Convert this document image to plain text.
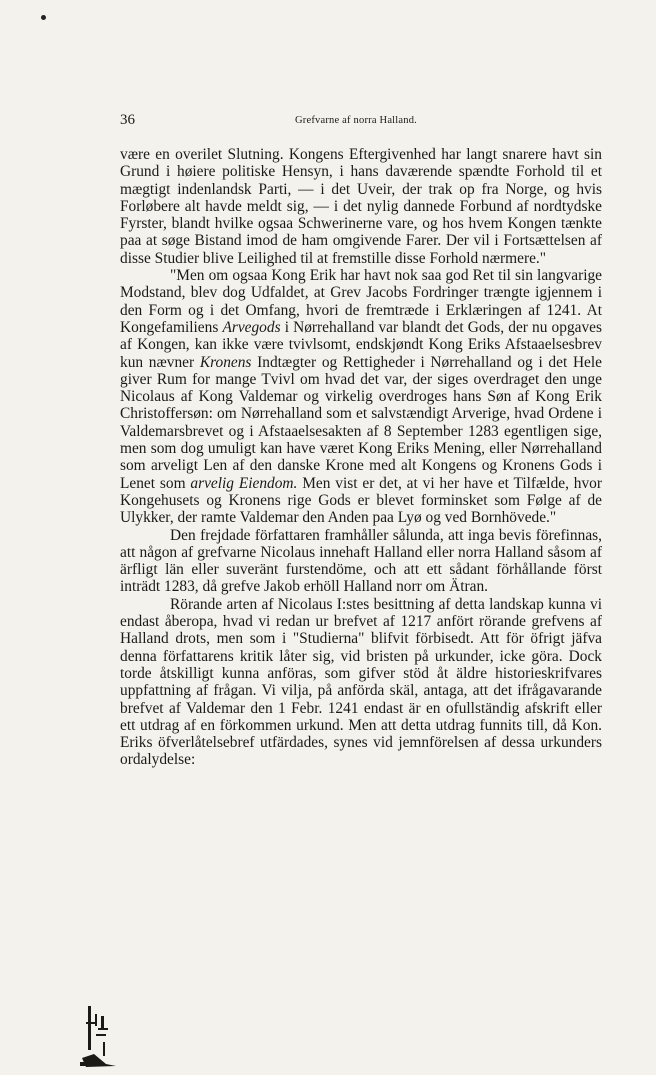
36	Grefvarne af norra Halland.

være en overilet Slutning. Kongens Eftergivenhed har langt snarere havt sin Grund i høiere politiske Hensyn, i hans daværende spændte Forhold til et mægtigt indenlandsk Parti, — i det Uveir, der trak op fra Norge, og hvis Forløbere alt havde meldt sig, — i det nylig dannede Forbund af nordtydske Fyrster, blandt hvilke ogsaa Schwerinerne vare, og hos hvem Kongen tænkte paa at søge Bistand imod de ham omgivende Farer. Der vil i Fortsættelsen af disse Studier blive Leilighed til at fremstille disse Forhold nærmere."

"Men om ogsaa Kong Erik har havt nok saa god Ret til sin langvarige Modstand, blev dog Udfaldet, at Grev Jacobs Fordringer trængte igjennem i den Form og i det Omfang, hvori de fremtræde i Erklæringen af 1241. At Kongefamiliens Arvegods i Nørrehalland var blandt det Gods, der nu opgaves af Kongen, kan ikke være tvivlsomt, endskjøndt Kong Eriks Afstaaelsesbrev kun nævner Kronens Indtægter og Rettigheder i Nørrehalland og i det Hele giver Rum for mange Tvivl om hvad det var, der siges overdraget den unge Nicolaus af Kong Valdemar og virkelig overdroges hans Søn af Kong Erik Christoffersøn: om Nørrehalland som et salvstændigt Arverige, hvad Ordene i Valdemarsbrevet og i Afstaaelsesakten af 8 September 1283 egentligen sige, men som dog umuligt kan have været Kong Eriks Mening, eller Nørrehalland som arveligt Len af den danske Krone med alt Kongens og Kronens Gods i Lenet som arvelig Eiendom. Men vist er det, at vi her have et Tilfælde, hvor Kongehusets og Kronens rige Gods er blevet forminsket som Følge af de Ulykker, der ramte Valdemar den Anden paa Lyø og ved Bornhövede."

Den frejdade författaren framhåller sålunda, att inga bevis förefinnas, att någon af grefvarne Nicolaus innehaft Halland eller norra Halland såsom af ärfligt län eller suveränt furstendöme, och att ett sådant förhållande först inträdt 1283, då grefve Jakob erhöll Halland norr om Ätran.

Rörande arten af Nicolaus I:stes besittning af detta landskap kunna vi endast åberopa, hvad vi redan ur brefvet af 1217 anfört rörande grefvens af Halland drots, men som i "Studierna" blifvit förbisedt. Att för öfrigt jäfva denna författarens kritik låter sig, vid bristen på urkunder, icke göra. Dock torde åtskilligt kunna anföras, som gifver stöd åt äldre historieskrifvares uppfattning af frågan. Vi vilja, på anförda skäl, antaga, att det ifrågavarande brefvet af Valdemar den 1 Febr. 1241 endast är en ofullständig afskrift eller ett utdrag af en förkommen urkund. Men att detta utdrag funnits till, då Kon. Eriks öfverlåtelsebref utfärdades, synes vid jemnförelsen af dessa urkunders ordalydelse:
